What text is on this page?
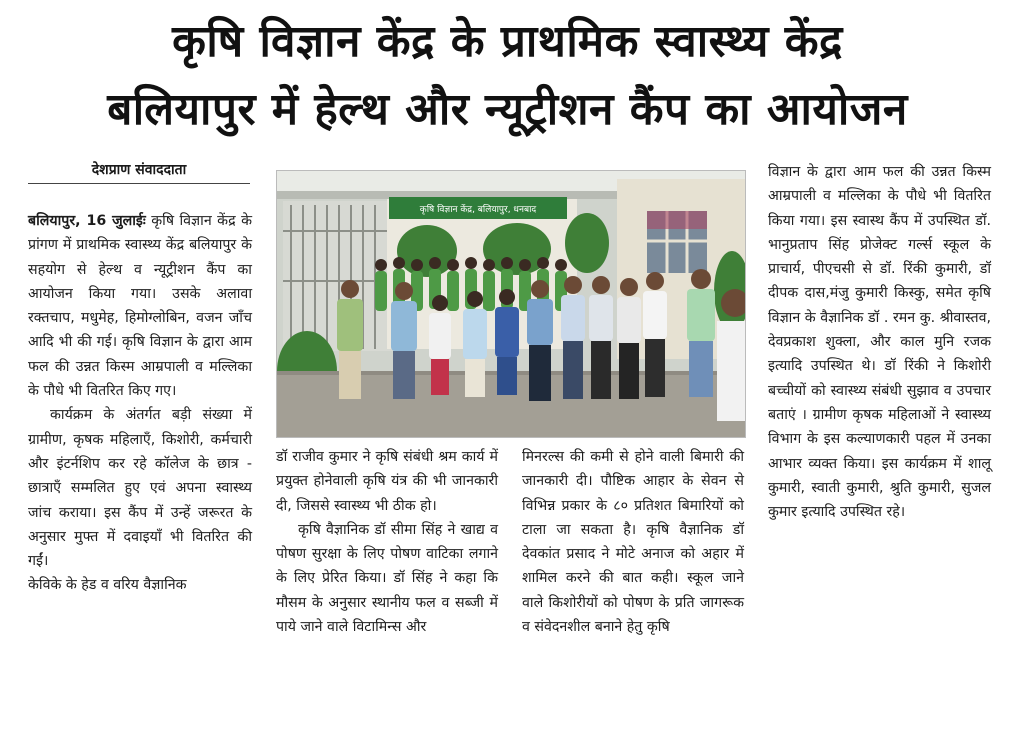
कृषि विज्ञान केंद्र के प्राथमिक स्वास्थ्य केंद्र
बलियापुर में हेल्थ और न्यूट्रीशन कैंप का आयोजन
देशप्राण संवाददाता

बलियापुर, 16 जुलाईः कृषि विज्ञान केंद्र के प्रांगण में प्राथमिक स्वास्थ्य केंद्र बलियापुर के सहयोग से हेल्थ व न्यूट्रीशन कैंप का आयोजन किया गया। उसके अलावा रक्तचाप, मधुमेह, हिमोग्लोबिन, वजन जाँच आदि भी की गई। कृषि विज्ञान के द्वारा आम फल की उन्नत किस्म आम्रपाली व मल्लिका के पौधे भी वितरित किए गए।

कार्यक्रम के अंतर्गत बड़ी संख्या में ग्रामीण, कृषक महिलाएँ, किशोरी, कर्मचारी और इंटर्नशिप कर रहे कॉलेज के छात्र - छात्राएँ सम्मलित हुए एवं अपना स्वास्थ्य जांच कराया। इस कैंप में उन्हें जरूरत के अनुसार मुफ्त में दवाइयाँ भी वितरित की गईं।

केविके के हेड व वरिय वैज्ञानिक

कृषि विज्ञान केंद्र, बलियापुर, धनबाद

डॉ राजीव कुमार ने कृषि संबंधी श्रम कार्य में प्रयुक्त होनेवाली कृषि यंत्र की भी जानकारी दी, जिससे स्वास्थ्य भी ठीक हो।

कृषि वैज्ञानिक डॉ सीमा सिंह ने खाद्य व पोषण सुरक्षा के लिए पोषण वाटिका लगाने के लिए प्रेरित किया। डॉ सिंह ने कहा कि मौसम के अनुसार स्थानीय फल व सब्जी में पाये जाने वाले विटामिन्स और

मिनरल्स की कमी से होने वाली बिमारी की जानकारी दी। पौष्टिक आहार के सेवन से विभिन्न प्रकार के ८० प्रतिशत बिमारियों को टाला जा सकता है। कृषि वैज्ञानिक डॉ देवकांत प्रसाद ने मोटे अनाज को अहार में शामिल करने की बात कही। स्कूल जाने वाले किशोरीयों को पोषण के प्रति जागरूक व संवेदनशील बनाने हेतु कृषि

विज्ञान के द्वारा आम फल की उन्नत किस्म आम्रपाली व मल्लिका के पौधे भी वितरित किया गया। इस स्वास्थ कैंप में उपस्थित डॉ. भानुप्रताप सिंह प्रोजेक्ट गर्ल्स स्कूल के प्राचार्य, पीएचसी से डॉ. रिंकी कुमारी, डॉ दीपक दास,मंजु कुमारी किस्कु, समेत कृषि विज्ञान के वैज्ञानिक डॉ . रमन कु. श्रीवास्तव, देवप्रकाश शुक्ला, और काल मुनि रजक इत्यादि उपस्थित थे। डॉ रिंकी ने किशोरी बच्चीयों को स्वास्थ्य संबंधी सुझाव व उपचार बताएं । ग्रामीण कृषक महिलाओं ने स्वास्थ्य विभाग के इस कल्याणकारी पहल में उनका आभार व्यक्त किया। इस कार्यक्रम में शालू कुमारी, स्वाती कुमारी, श्रुति कुमारी, सुजल कुमार इत्यादि उपस्थित रहे।
